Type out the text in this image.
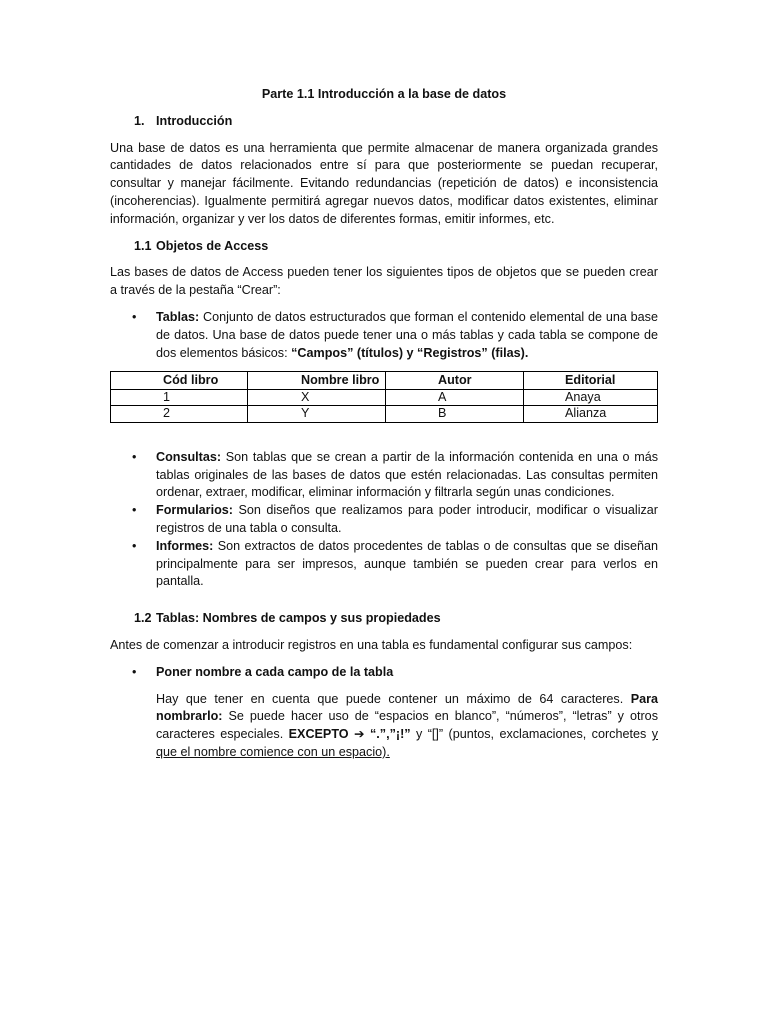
Parte 1.1 Introducción a la base de datos

1. Introducción

Una base de datos es una herramienta que permite almacenar de manera organizada grandes cantidades de datos relacionados entre sí para que posteriormente se puedan recuperar, consultar y manejar fácilmente. Evitando redundancias (repetición de datos) e inconsistencia (incoherencias). Igualmente permitirá agregar nuevos datos, modificar datos existentes, eliminar información, organizar y ver los datos de diferentes formas, emitir informes, etc.

1.1 Objetos de Access

Las bases de datos de Access pueden tener los siguientes tipos de objetos que se pueden crear a través de la pestaña “Crear”:

• Tablas: Conjunto de datos estructurados que forman el contenido elemental de una base de datos. Una base de datos puede tener una o más tablas y cada tabla se compone de dos elementos básicos: “Campos” (títulos) y “Registros” (filas).
Cód libro	Nombre libro	Autor	Editorial
1	X	A	Anaya
2	Y	B	Alianza
• Consultas: Son tablas que se crean a partir de la información contenida en una o más tablas originales de las bases de datos que estén relacionadas. Las consultas permiten ordenar, extraer, modificar, eliminar información y filtrarla según unas condiciones.
• Formularios: Son diseños que realizamos para poder introducir, modificar o visualizar registros de una tabla o consulta.
• Informes: Son extractos de datos procedentes de tablas o de consultas que se diseñan principalmente para ser impresos, aunque también se pueden crear para verlos en pantalla.

1.2 Tablas: Nombres de campos y sus propiedades

Antes de comenzar a introducir registros en una tabla es fundamental configurar sus campos:

• Poner nombre a cada campo de la tabla

Hay que tener en cuenta que puede contener un máximo de 64 caracteres. Para nombrarlo: Se puede hacer uso de “espacios en blanco”, “números”, “letras” y otros caracteres especiales. EXCEPTO ➔ “.”,”¡!” y “[]” (puntos, exclamaciones, corchetes y que el nombre comience con un espacio).
